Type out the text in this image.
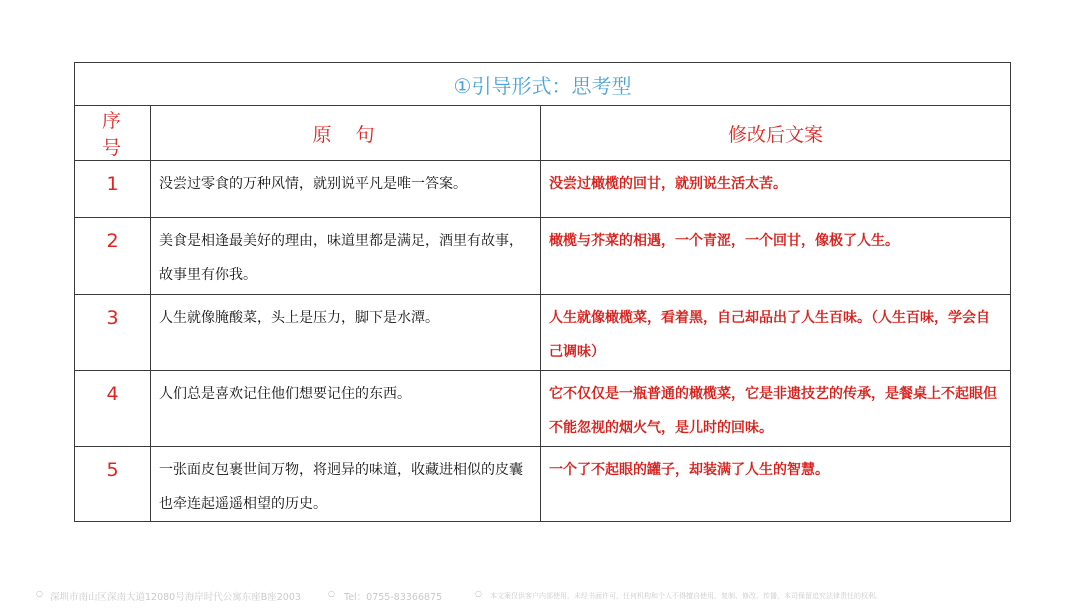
①引导形式：思考型		
序号	原句	修改后文案
1	没尝过零食的万种风情，就别说平凡是唯一答案。	没尝过橄榄的回甘，就别说生活太苦。
2	美食是相逢最美好的理由，味道里都是满足，酒里有故事，故事里有你我。	橄榄与芥菜的相遇，一个青涩，一个回甘，像极了人生。
3	人生就像腌酸菜，头上是压力，脚下是水潭。	人生就像橄榄菜，看着黑，自己却品出了人生百味。（人生百味，学会自己调味）
4	人们总是喜欢记住他们想要记住的东西。	它不仅仅是一瓶普通的橄榄菜，它是非遗技艺的传承，是餐桌上不起眼但不能忽视的烟火气，是儿时的回味。
5	一张面皮包裹世间万物，将迥异的味道，收藏进相似的皮囊也牵连起遥遥相望的历史。	一个了不起眼的罐子，却装满了人生的智慧。
○ 深圳市南山区深南大道12080号海岸时代公寓东座B座2003	○ Tel：0755-83366875	○ 本文案仅供客户内部使用，未经书面许可，任何机构和个人不得擅自使用、复制、修改、传播，本司保留追究法律责任的权利。
